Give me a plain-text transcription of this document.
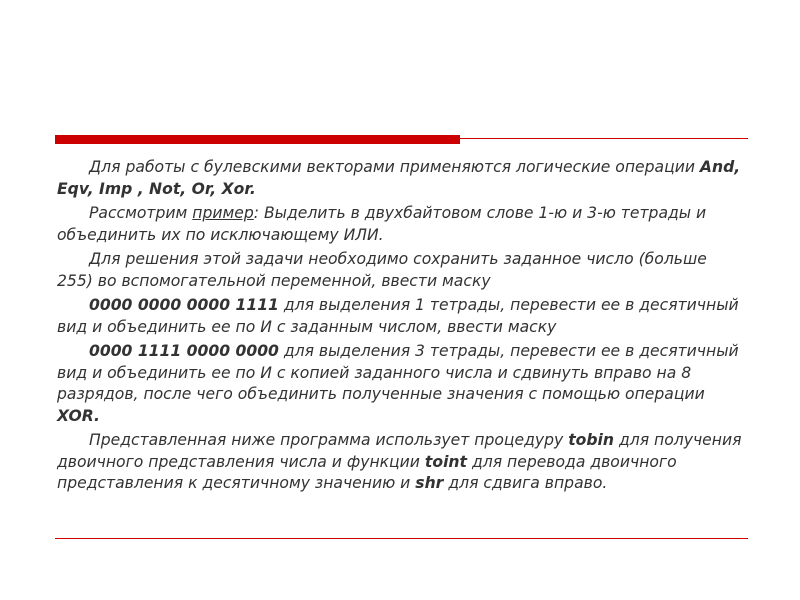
Для работы с булевскими векторами применяются логические операции And, Eqv, Imp , Not, Or, Xor.

Рассмотрим пример: Выделить в двухбайтовом слове 1-ю и 3-ю тетрады и объединить их по исключающему ИЛИ.

Для решения этой задачи необходимо сохранить заданное число (больше 255) во вспомогательной переменной, ввести маску

0000 0000 0000 1111 для выделения 1 тетрады, перевести ее в десятичный вид и объединить ее по И с заданным числом, ввести маску

0000 1111 0000 0000 для выделения 3 тетрады, перевести ее в десятичный вид и объединить ее по И с копией заданного числа и сдвинуть вправо на 8 разрядов, после чего объединить полученные значения с помощью операции XOR.

Представленная ниже программа использует процедуру tobin для получения двоичного представления числа и функции toint для перевода двоичного представления к десятичному значению и shr для сдвига вправо.
